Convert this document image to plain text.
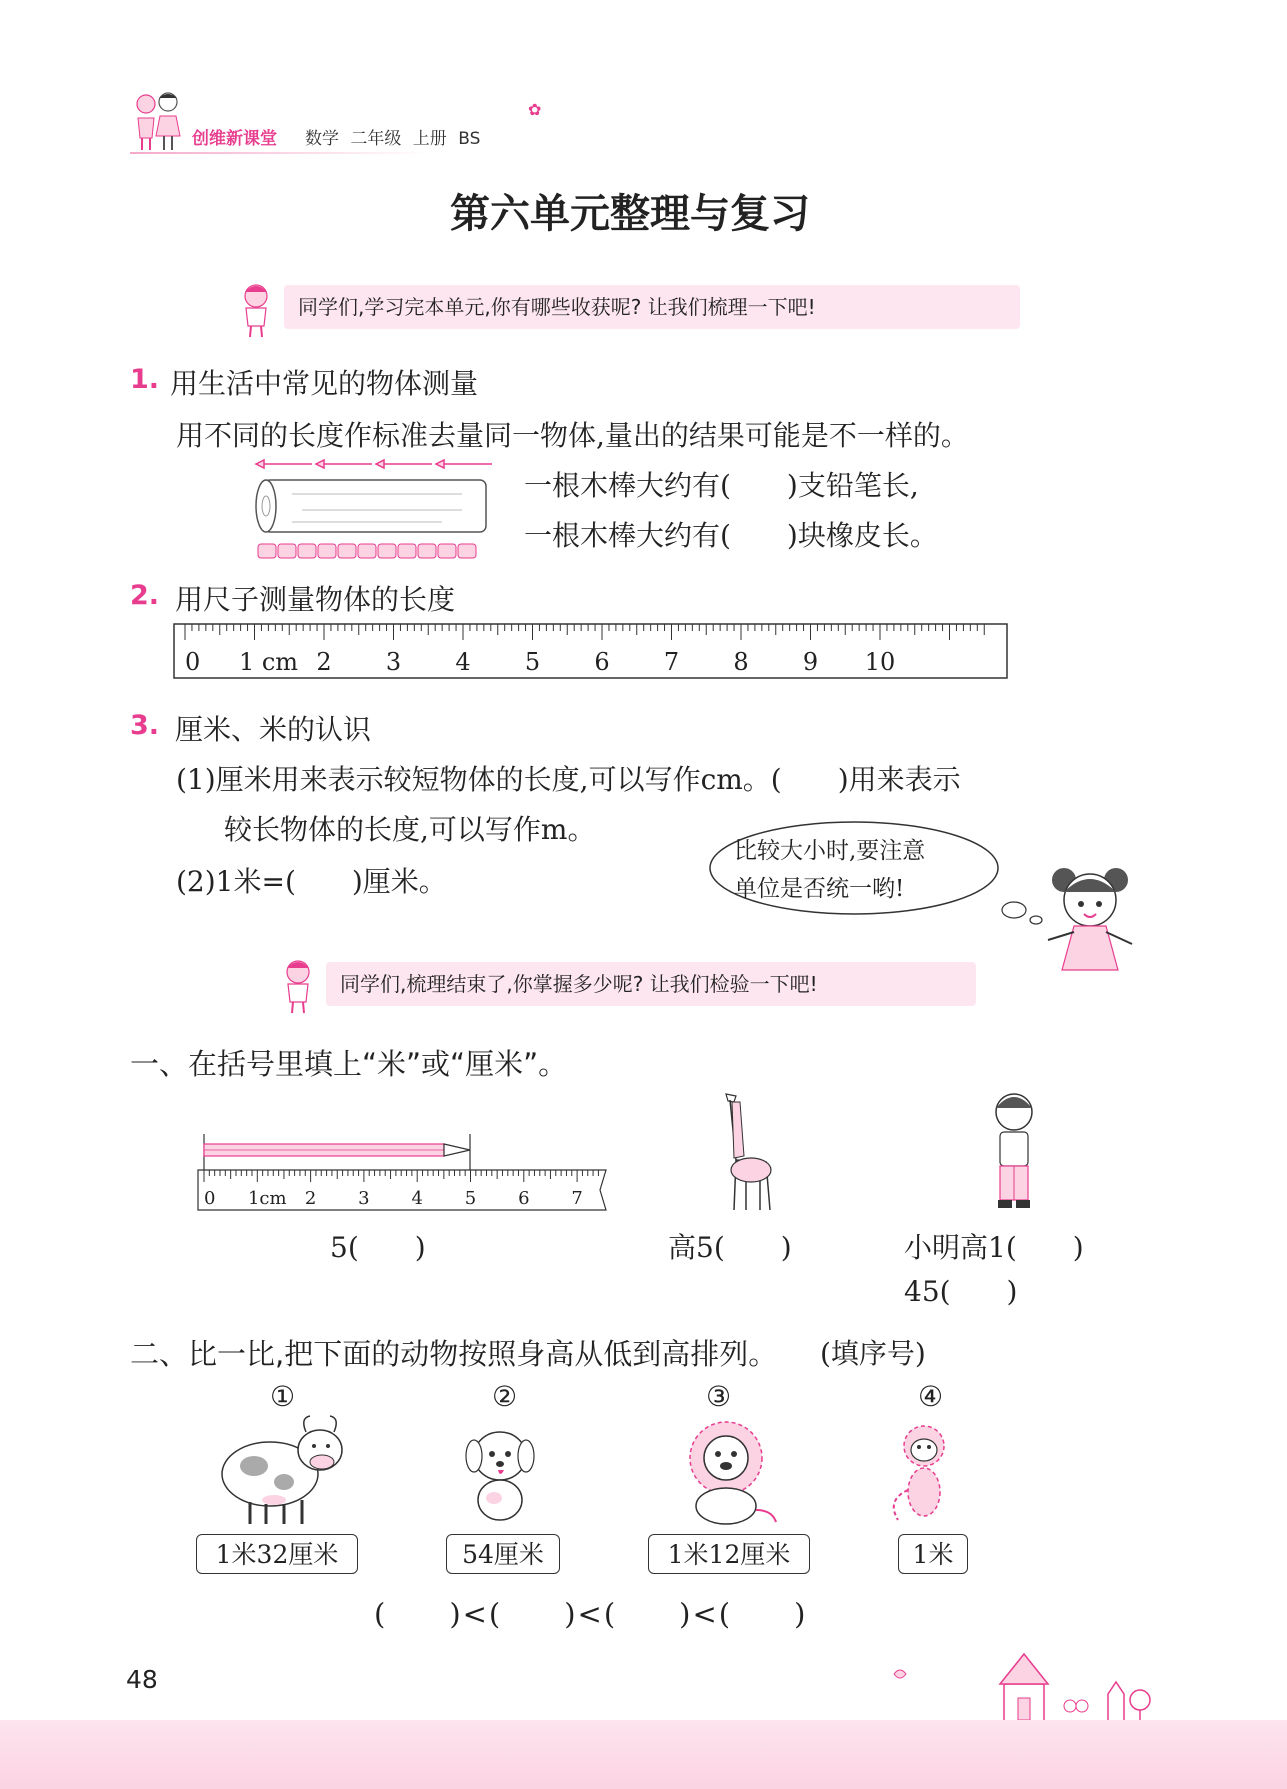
创维新课堂 数学 二年级 上册 BS
✿
第六单元整理与复习
同学们,学习完本单元,你有哪些收获呢? 让我们梳理一下吧!
1. 用生活中常见的物体测量
用不同的长度作标准去量同一物体,量出的结果可能是不一样的。
一根木棒大约有(　　)支铅笔长,
一根木棒大约有(　　)块橡皮长。
2. 用尺子测量物体的长度
0 1 cm 2 3 4 5 6 7 8 9 10
3. 厘米、米的认识
(1)厘米用来表示较短物体的长度,可以写作cm。(　　)用来表示
较长物体的长度,可以写作m。
(2)1米=(　　)厘米。
比较大小时,要注意
单位是否统一哟!
同学们,梳理结束了,你掌握多少呢? 让我们检验一下吧!
一、在括号里填上“米”或“厘米”。
0 1cm 2 3 4 5 6 7
5(　　)	高5(　　)	小明高1(　　)
45(　　)
二、比一比,把下面的动物按照身高从低到高排列。 (填序号)
①	②	③	④
1米32厘米	54厘米	1米12厘米	1米
(　　)<(　　)<(　　)<(　　)
48
